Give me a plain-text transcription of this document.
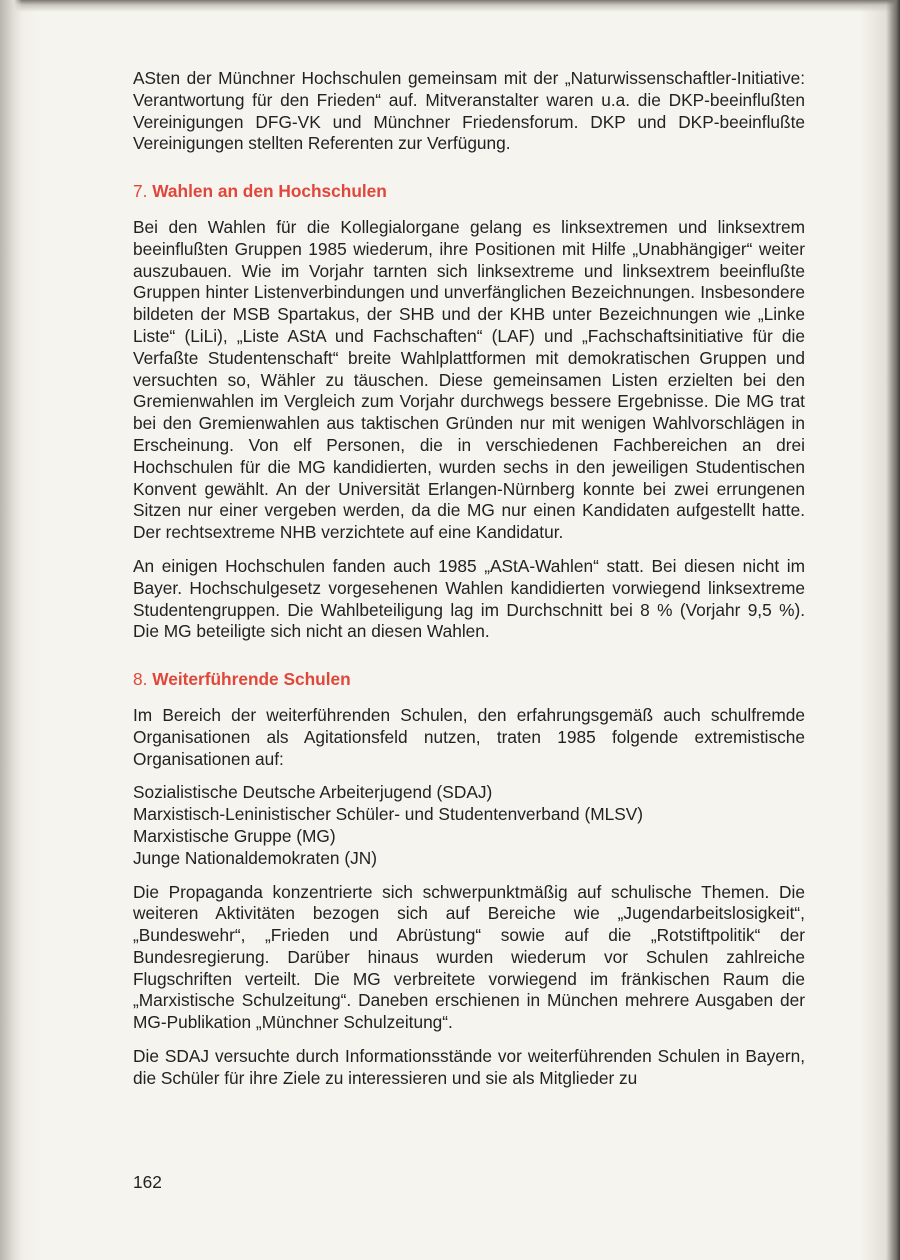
ASten der Münchner Hochschulen gemeinsam mit der „Naturwissenschaftler-Initiative: Verantwortung für den Frieden“ auf. Mitveranstalter waren u.a. die DKP-beeinflußten Vereinigungen DFG-VK und Münchner Friedensforum. DKP und DKP-beeinflußte Vereinigungen stellten Referenten zur Verfügung.

7. Wahlen an den Hochschulen

Bei den Wahlen für die Kollegialorgane gelang es linksextremen und linksextrem beeinflußten Gruppen 1985 wiederum, ihre Positionen mit Hilfe „Unabhängiger“ weiter auszubauen. Wie im Vorjahr tarnten sich linksextreme und linksextrem beeinflußte Gruppen hinter Listenverbindungen und unverfänglichen Bezeichnungen. Insbesondere bildeten der MSB Spartakus, der SHB und der KHB unter Bezeichnungen wie „Linke Liste“ (LiLi), „Liste AStA und Fachschaften“ (LAF) und „Fachschaftsinitiative für die Verfaßte Studentenschaft“ breite Wahlplattformen mit demokratischen Gruppen und versuchten so, Wähler zu täuschen. Diese gemeinsamen Listen erzielten bei den Gremienwahlen im Vergleich zum Vorjahr durchwegs bessere Ergebnisse. Die MG trat bei den Gremienwahlen aus taktischen Gründen nur mit wenigen Wahlvorschlägen in Erscheinung. Von elf Personen, die in verschiedenen Fachbereichen an drei Hochschulen für die MG kandidierten, wurden sechs in den jeweiligen Studentischen Konvent gewählt. An der Universität Erlangen-Nürnberg konnte bei zwei errungenen Sitzen nur einer vergeben werden, da die MG nur einen Kandidaten aufgestellt hatte. Der rechtsextreme NHB verzichtete auf eine Kandidatur.

An einigen Hochschulen fanden auch 1985 „AStA-Wahlen“ statt. Bei diesen nicht im Bayer. Hochschulgesetz vorgesehenen Wahlen kandidierten vorwiegend linksextreme Studentengruppen. Die Wahlbeteiligung lag im Durchschnitt bei 8 % (Vorjahr 9,5 %). Die MG beteiligte sich nicht an diesen Wahlen.

8. Weiterführende Schulen

Im Bereich der weiterführenden Schulen, den erfahrungsgemäß auch schulfremde Organisationen als Agitationsfeld nutzen, traten 1985 folgende extremistische Organisationen auf:

Sozialistische Deutsche Arbeiterjugend (SDAJ)
Marxistisch-Leninistischer Schüler- und Studentenverband (MLSV)
Marxistische Gruppe (MG)
Junge Nationaldemokraten (JN)

Die Propaganda konzentrierte sich schwerpunktmäßig auf schulische Themen. Die weiteren Aktivitäten bezogen sich auf Bereiche wie „Jugendarbeitslosigkeit“, „Bundeswehr“, „Frieden und Abrüstung“ sowie auf die „Rotstiftpolitik“ der Bundesregierung. Darüber hinaus wurden wiederum vor Schulen zahlreiche Flugschriften verteilt. Die MG verbreitete vorwiegend im fränkischen Raum die „Marxistische Schulzeitung“. Daneben erschienen in München mehrere Ausgaben der MG-Publikation „Münchner Schulzeitung“.

Die SDAJ versuchte durch Informationsstände vor weiterführenden Schulen in Bayern, die Schüler für ihre Ziele zu interessieren und sie als Mitglieder zu

162
